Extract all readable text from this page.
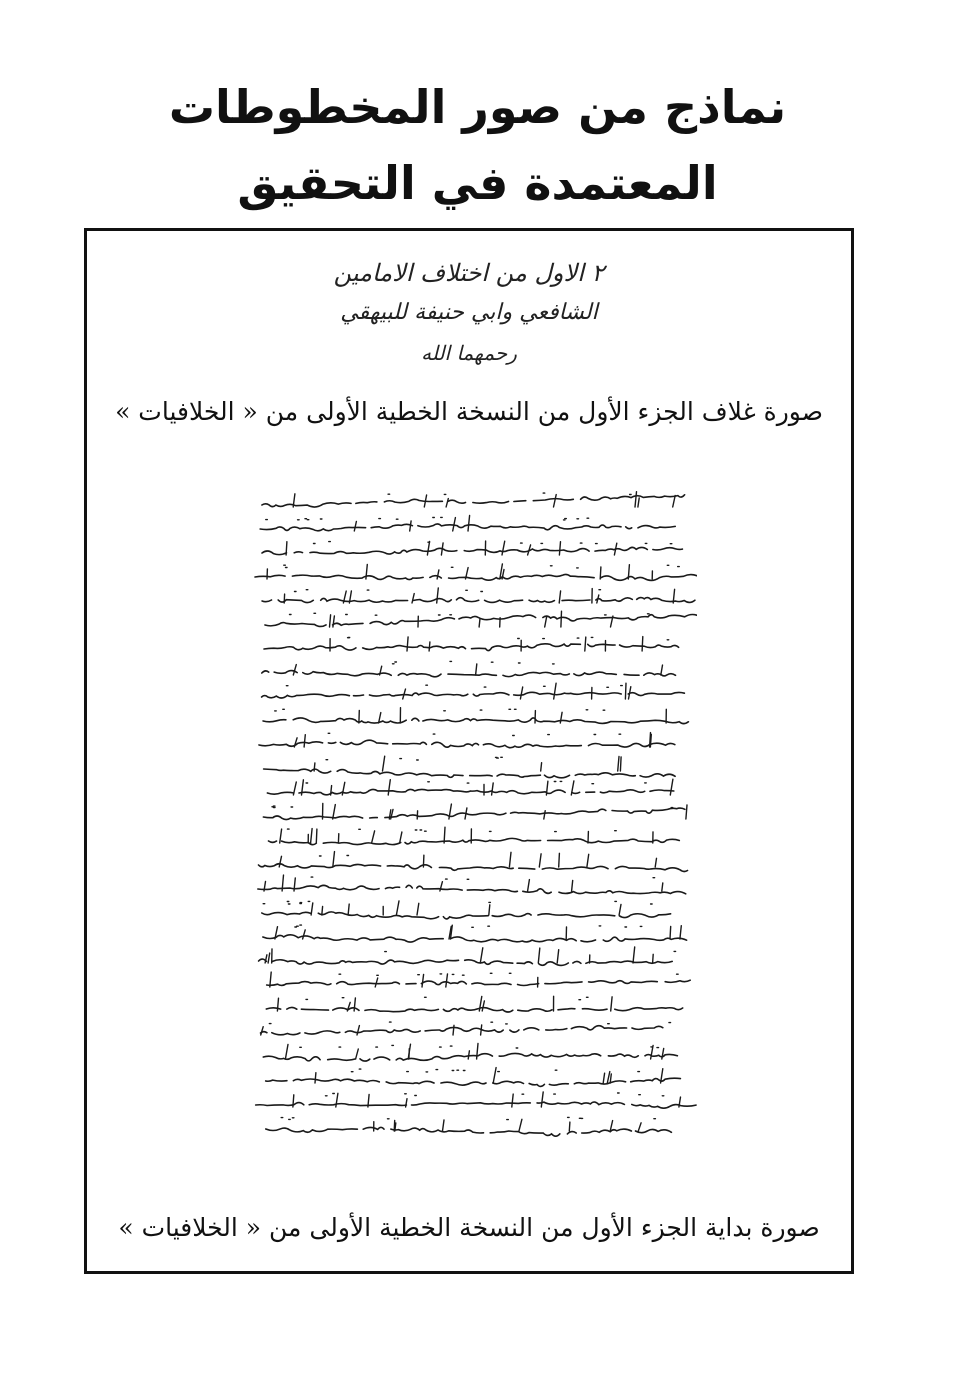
نماذج من صور المخطوطات
المعتمدة في التحقيق
٢ الاول من اختلاف الامامين
الشافعي وابي حنيفة للبيهقي
رحمهما الله
صورة غلاف الجزء الأول من النسخة الخطية الأولى من « الخلافيات »
صورة بداية الجزء الأول من النسخة الخطية الأولى من « الخلافيات »
